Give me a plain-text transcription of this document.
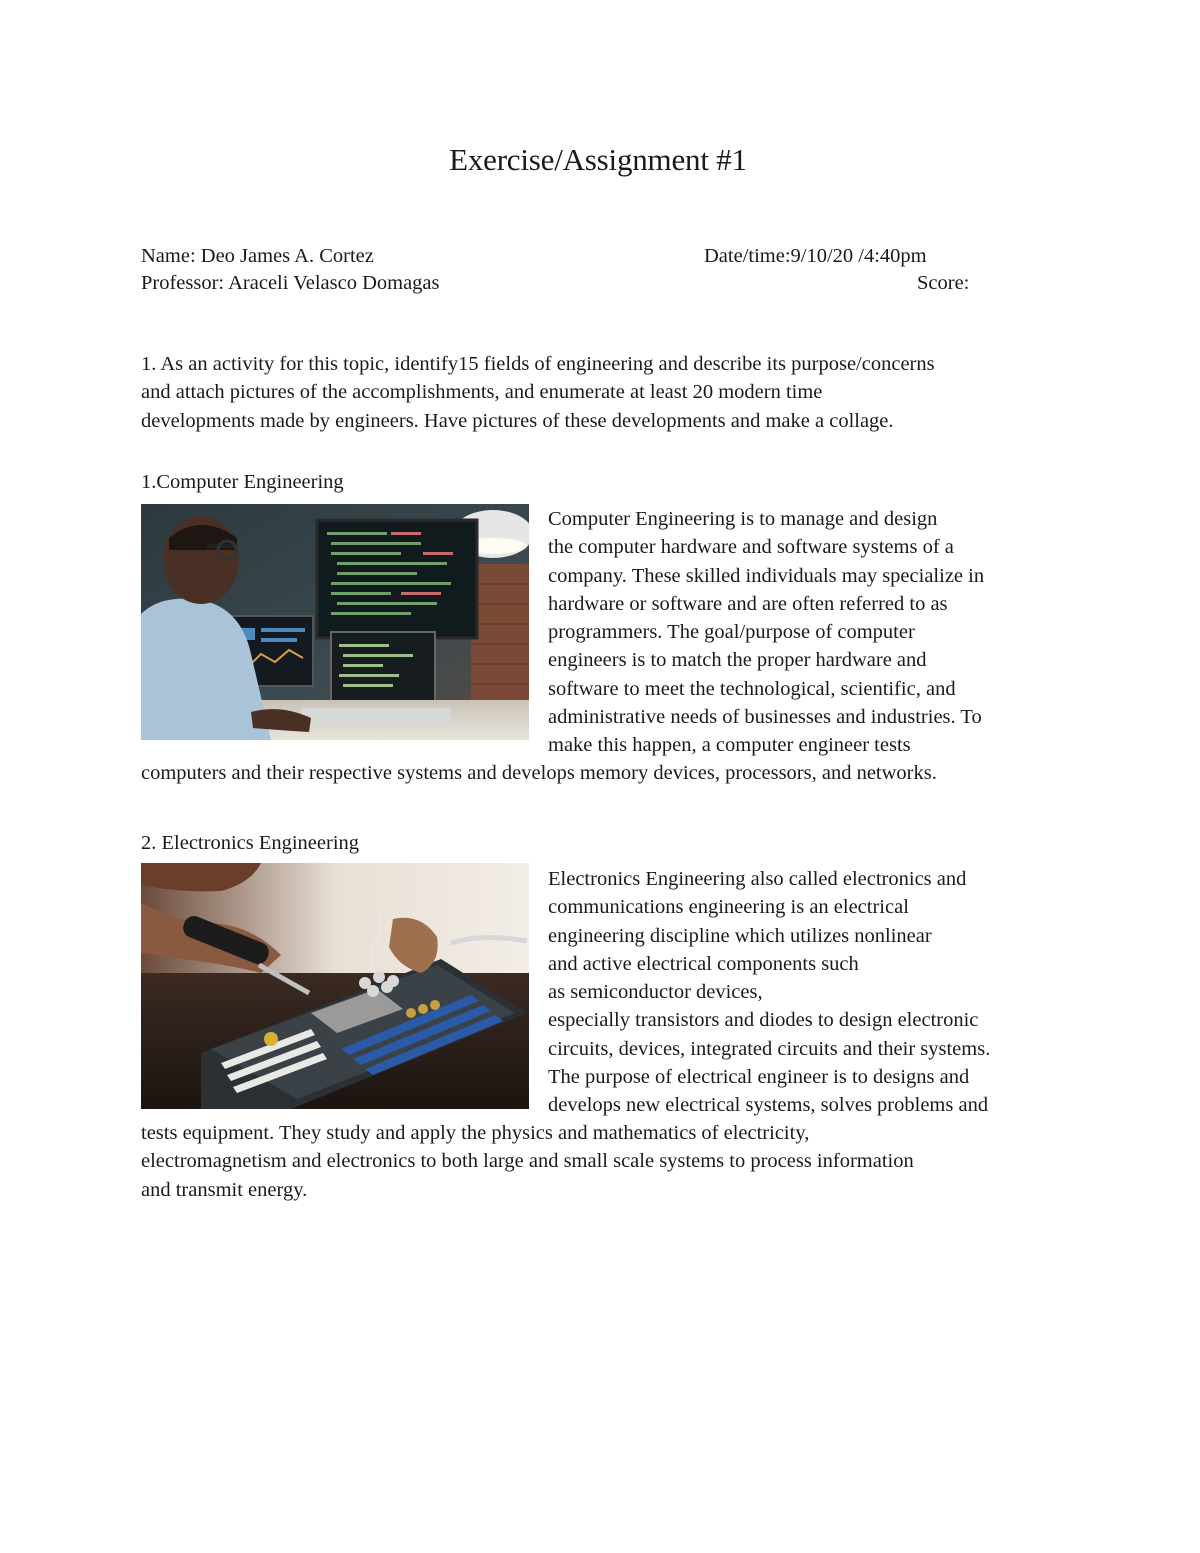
Exercise/Assignment #1
Name: Deo James A. Cortez	Date/time:9/10/20 /4:40pm
Professor: Araceli Velasco Domagas	Score:
1. As an activity for this topic, identify15 fields of engineering and describe its purpose/concerns
and attach pictures of the accomplishments, and enumerate at least 20 modern time
developments made by engineers. Have pictures of these developments and make a collage.
1.Computer Engineering
Computer Engineering is to manage and design
the computer hardware and software systems of a
company. These skilled individuals may specialize in
hardware or software and are often referred to as
programmers. The goal/purpose of computer
engineers is to match the proper hardware and
software to meet the technological, scientific, and
administrative needs of businesses and industries. To
make this happen, a computer engineer tests
computers and their respective systems and develops memory devices, processors, and networks.
2. Electronics Engineering
Electronics Engineering also called electronics and
communications engineering is an electrical
engineering discipline which utilizes nonlinear
and active electrical components such
as semiconductor devices,
especially transistors and diodes to design electronic
circuits, devices, integrated circuits and their systems.
The purpose of electrical engineer is to designs and
develops new electrical systems, solves problems and
tests equipment. They study and apply the physics and mathematics of electricity,
electromagnetism and electronics to both large and small scale systems to process information
and transmit energy.
